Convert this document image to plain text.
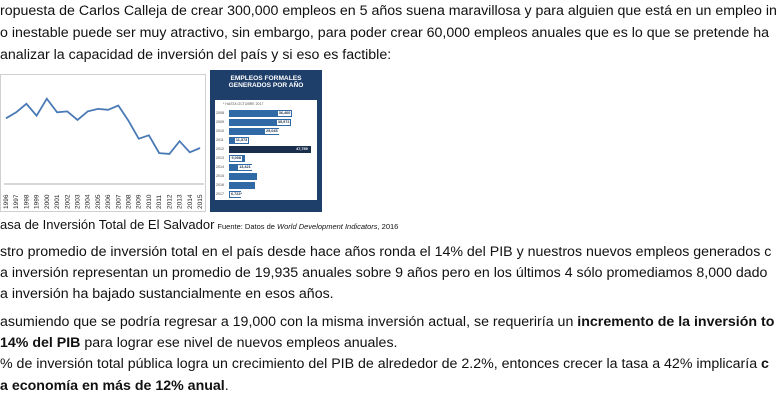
ropuesta de Carlos Calleja de crear 300,000 empleos en 5 años suena maravillosa y para alguien que está en un empleo in
o inestable puede ser muy atractivo, sin embargo, para poder crear 60,000 empleos anuales que es lo que se pretende ha
analizar la capacidad de inversión del país y si eso es factible:
1996 1997 1998 1999 2000 2001 2002 2003 2004 2005 2006 2007 2008 2009 2010 2011 2012 2013 2014 2015
EMPLEOS FORMALES
GENERADOS POR AÑO
* HASTA OCTUBRE 2017
2008	36,460
2009	35,972
2010	29,045
2011	11,573
2012	47,759
2013 9,008
2014	13,421
2015
2016
2017 6,722*
asa de Inversión Total de El Salvador Fuente: Datos de World Development Indicators, 2016
stro promedio de inversión total en el país desde hace años ronda el 14% del PIB y nuestros nuevos empleos generados c
a inversión representan un promedio de 19,935 anuales sobre 9 años pero en los últimos 4 sólo promediamos 8,000 dado
a inversión ha bajado sustancialmente en esos años.
asumiendo que se podría regresar a 19,000 con la misma inversión actual, se requeriría un incremento de la inversión to
14% del PIB para lograr ese nivel de nuevos empleos anuales.
% de inversión total pública logra un crecimiento del PIB de alrededor de 2.2%, entonces crecer la tasa a 42% implicaría c
a economía en más de 12% anual.
